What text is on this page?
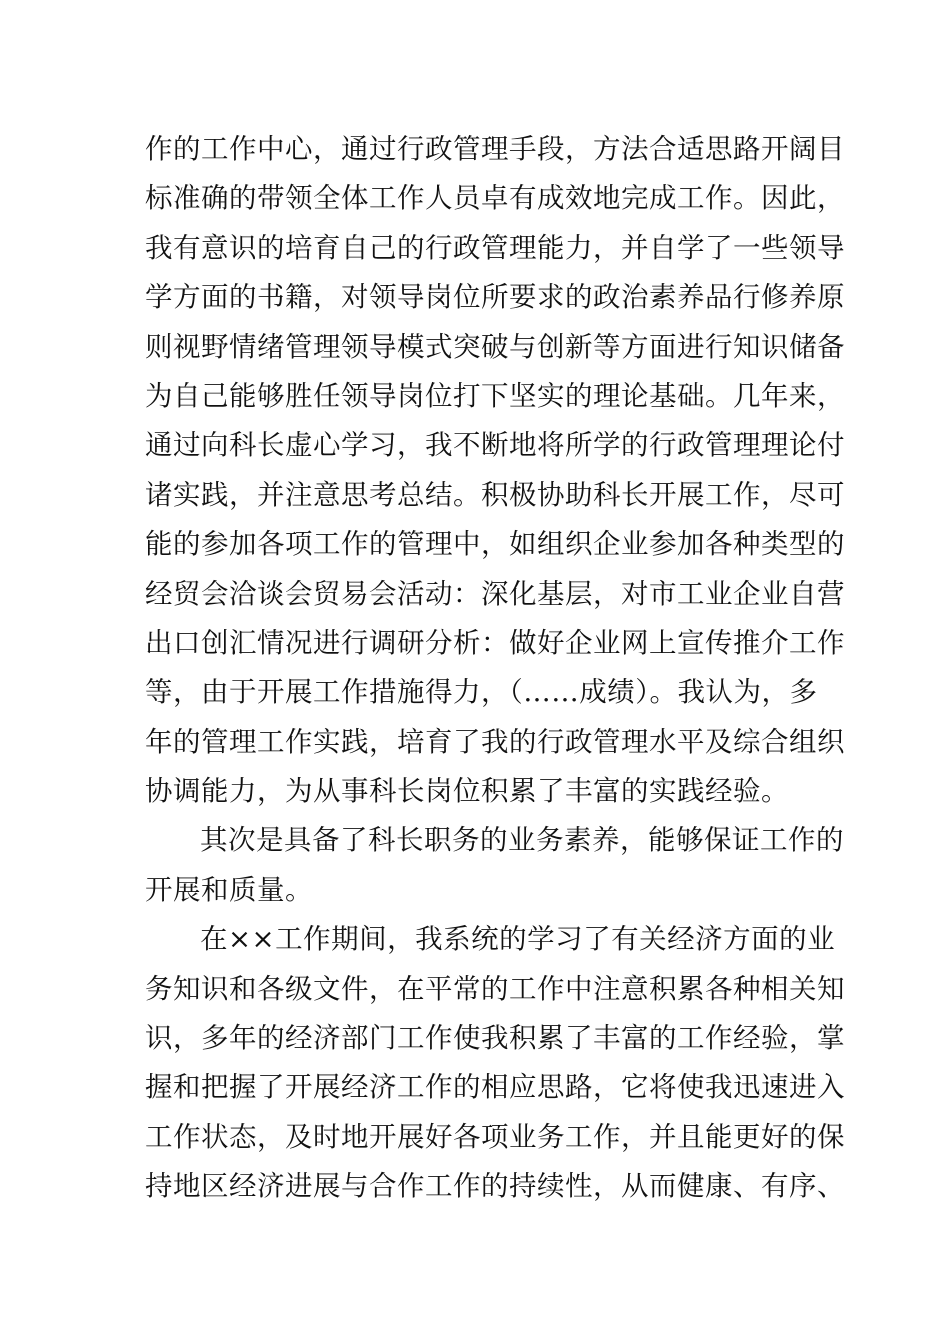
作的工作中心，通过行政管理手段，方法合适思路开阔目
标准确的带领全体工作人员卓有成效地完成工作。因此，
我有意识的培育自己的行政管理能力，并自学了一些领导
学方面的书籍，对领导岗位所要求的政治素养品行修养原
则视野情绪管理领导模式突破与创新等方面进行知识储备
为自己能够胜任领导岗位打下坚实的理论基础。几年来，
通过向科长虚心学习，我不断地将所学的行政管理理论付
诸实践，并注意思考总结。积极协助科长开展工作，尽可
能的参加各项工作的管理中，如组织企业参加各种类型的
经贸会洽谈会贸易会活动：深化基层，对市工业企业自营
出口创汇情况进行调研分析：做好企业网上宣传推介工作
等，由于开展工作措施得力，（……成绩）。我认为，多
年的管理工作实践，培育了我的行政管理水平及综合组织
协调能力，为从事科长岗位积累了丰富的实践经验。
其次是具备了科长职务的业务素养，能够保证工作的
开展和质量。
在××工作期间，我系统的学习了有关经济方面的业
务知识和各级文件，在平常的工作中注意积累各种相关知
识，多年的经济部门工作使我积累了丰富的工作经验，掌
握和把握了开展经济工作的相应思路，它将使我迅速进入
工作状态，及时地开展好各项业务工作，并且能更好的保
持地区经济进展与合作工作的持续性，从而健康、有序、
